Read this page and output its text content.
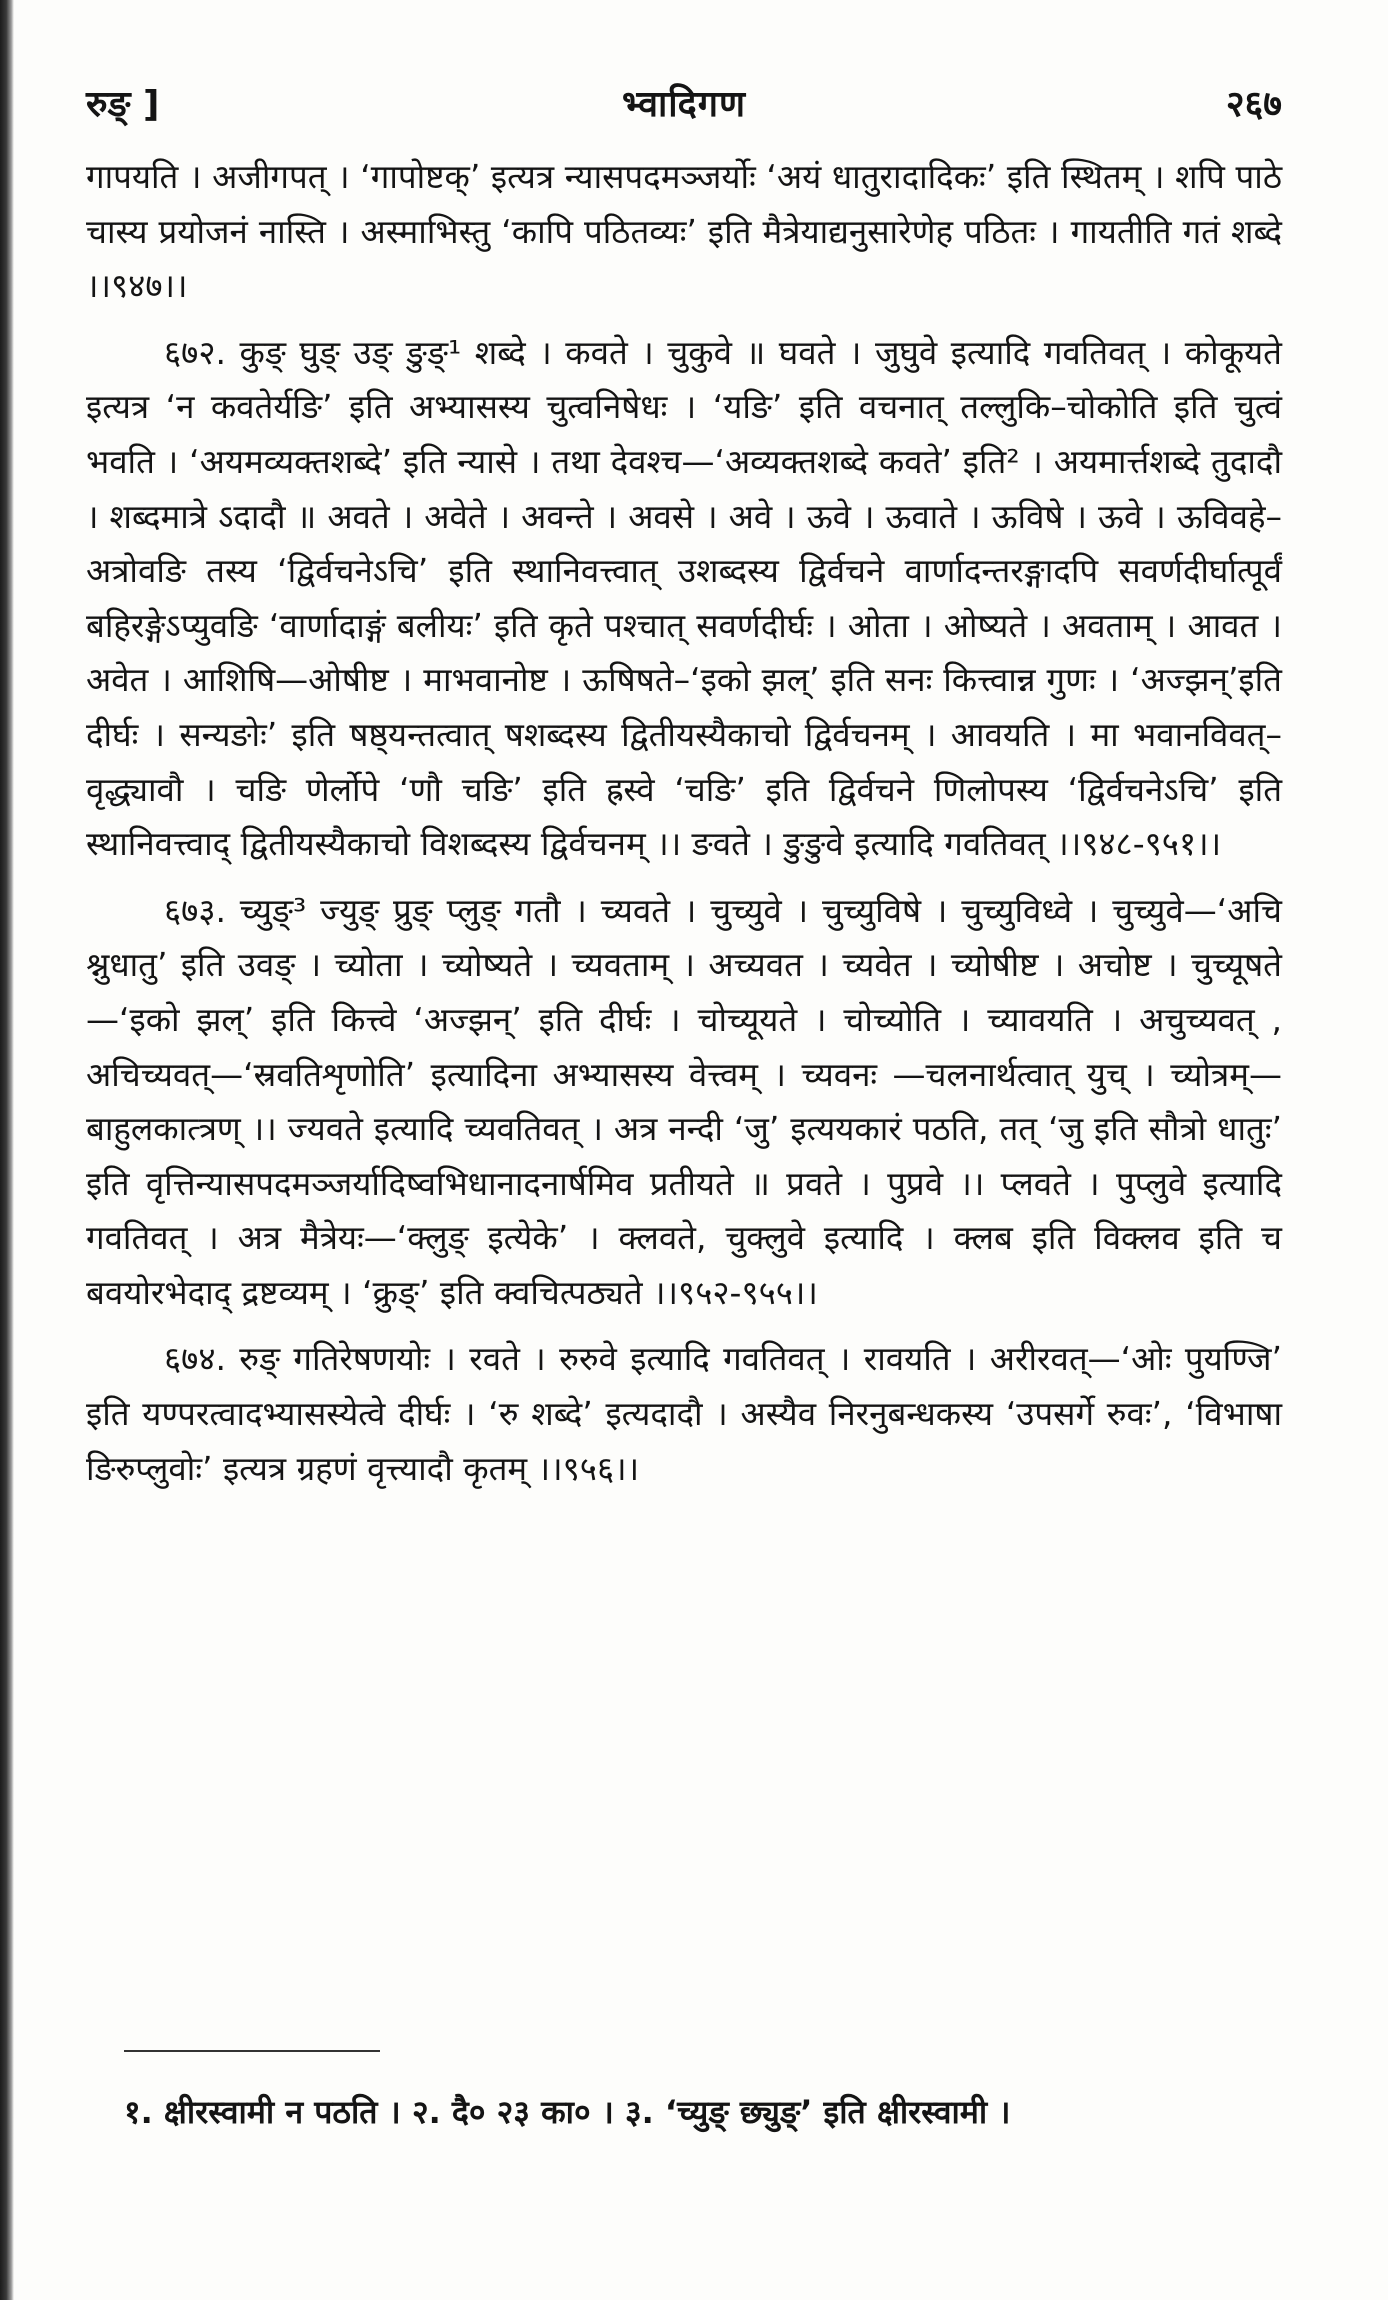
रुङ् ]	भ्वादिगण	२६७

गापयति । अजीगपत् । ‘गापोष्टक्’ इत्यत्र न्यासपदमञ्जर्योः ‘अयं धातुरादादिकः’ इति स्थितम् । शपि पाठे चास्य प्रयोजनं नास्ति । अस्माभिस्तु ‘कापि पठितव्यः’ इति मैत्रेयाद्यनुसारेणेह पठितः । गायतीति गतं शब्दे ।।९४७।।

६७२. कुङ् घुङ् उङ् ङुङ्¹ शब्दे । कवते । चुकुवे ॥ घवते । जुघुवे इत्यादि गवतिवत् । कोकूयते इत्यत्र ‘न कवतेर्यङि’ इति अभ्यासस्य चुत्वनिषेधः । ‘यङि’ इति वचनात् तल्लुकि–चोकोति इति चुत्वं भवति । ‘अयमव्यक्तशब्दे’ इति न्यासे । तथा देवश्च—‘अव्यक्तशब्दे कवते’ इति² । अयमार्त्तशब्दे तुदादौ । शब्दमात्रे ऽदादौ ॥ अवते । अवेते । अवन्ते । अवसे । अवे । ऊवे । ऊवाते । ऊविषे । ऊवे । ऊविवहे–अत्रोवङि तस्य ‘द्विर्वचनेऽचि’ इति स्थानिवत्त्वात् उशब्दस्य द्विर्वचने वार्णादन्तरङ्गादपि सवर्णदीर्घात्पूर्वं बहिरङ्गेऽप्युवङि ‘वार्णादाङ्गं बलीयः’ इति कृते पश्चात् सवर्णदीर्घः । ओता । ओष्यते । अवताम् । आवत । अवेत । आशिषि—ओषीष्ट । माभवानोष्ट । ऊषिषते–‘इको झल्’ इति सनः कित्त्वान्न गुणः । ‘अज्झन्’इति दीर्घः । सन्यङोः’ इति षष्ठ्यन्तत्वात् षशब्दस्य द्वितीयस्यैकाचो द्विर्वचनम् । आवयति । मा भवानविवत्–वृद्ध्यावौ । चङि णेर्लोपे ‘णौ चङि’ इति ह्रस्वे ‘चङि’ इति द्विर्वचने णिलोपस्य ‘द्विर्वचनेऽचि’ इति स्थानिवत्त्वाद् द्वितीयस्यैकाचो विशब्दस्य द्विर्वचनम् ।। ङवते । ङुङुवे इत्यादि गवतिवत् ।।९४८-९५१।।

६७३. च्युङ्³ ज्युङ् प्रुङ् प्लुङ् गतौ । च्यवते । चुच्युवे । चुच्युविषे । चुच्युविध्वे । चुच्युवे—‘अचि श्नुधातु’ इति उवङ् । च्योता । च्योष्यते । च्यवताम् । अच्यवत । च्यवेत । च्योषीष्ट । अचोष्ट । चुच्यूषते—‘इको झल्’ इति कित्त्वे ‘अज्झन्’ इति दीर्घः । चोच्यूयते । चोच्योति । च्यावयति । अचुच्यवत् , अचिच्यवत्—‘स्रवतिशृणोति’ इत्यादिना अभ्यासस्य वेत्त्वम् । च्यवनः —चलनार्थत्वात् युच् । च्योत्रम्—बाहुलकात्त्रण् ।। ज्यवते इत्यादि च्यवतिवत् । अत्र नन्दी ‘जु’ इत्ययकारं पठति, तत् ‘जु इति सौत्रो धातुः’ इति वृत्तिन्यासपदमञ्जर्यादिष्वभिधानादनार्षमिव प्रतीयते ॥ प्रवते । पुप्रवे ।। प्लवते । पुप्लुवे इत्यादि गवतिवत् । अत्र मैत्रेयः—‘क्लुङ् इत्येके’ । क्लवते, चुक्लुवे इत्यादि । क्लब इति विक्लव इति च बवयोरभेदाद् द्रष्टव्यम् । ‘क्रुङ्’ इति क्वचित्पठ्यते ।।९५२-९५५।।

६७४. रुङ् गतिरेषणयोः । रवते । रुरुवे इत्यादि गवतिवत् । रावयति । अरीरवत्—‘ओः पुयण्जि’ इति यण्परत्वादभ्यासस्येत्वे दीर्घः । ‘रु शब्दे’ इत्यदादौ । अस्यैव निरनुबन्धकस्य ‘उपसर्गे रुवः’, ‘विभाषा ङिरुप्लुवोः’ इत्यत्र ग्रहणं वृत्त्यादौ कृतम् ।।९५६।।

१. क्षीरस्वामी न पठति । २. दै० २३ का० । ३. ‘च्युङ् छ्युङ्’ इति क्षीरस्वामी ।
